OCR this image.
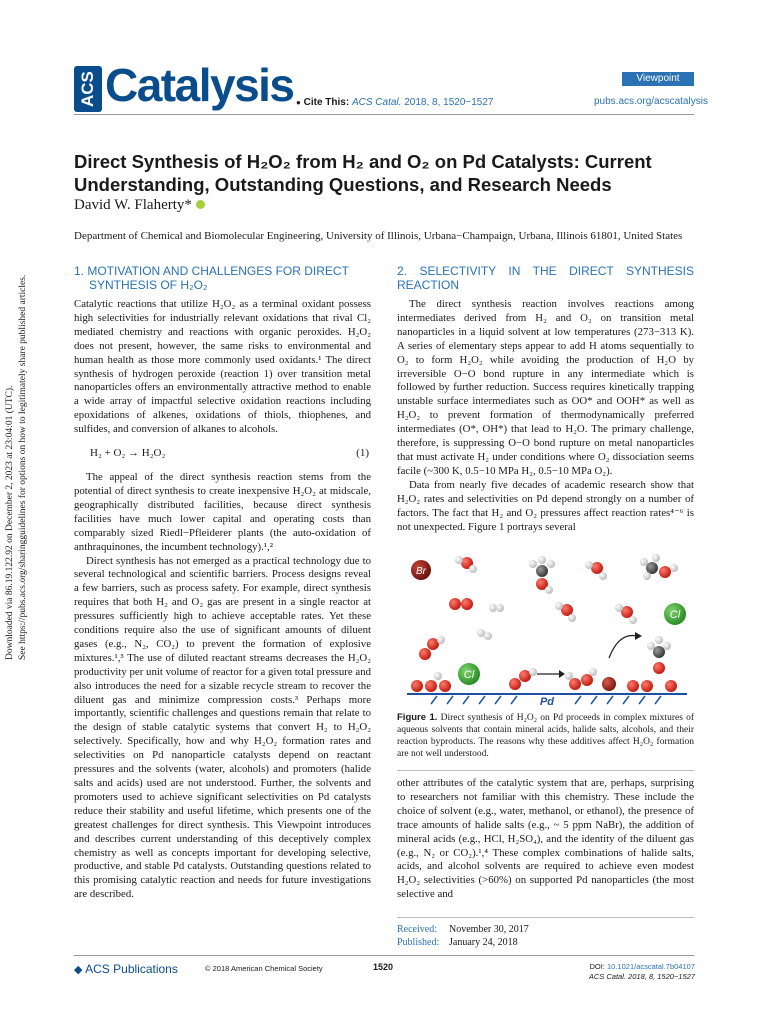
ACS Catalysis	Viewpoint
● Cite This: ACS Catal. 2018, 8, 1520−1527	pubs.acs.org/acscatalysis
Direct Synthesis of H₂O₂ from H₂ and O₂ on Pd Catalysts: Current
Understanding, Outstanding Questions, and Research Needs
David W. Flaherty*
Department of Chemical and Biomolecular Engineering, University of Illinois, Urbana−Champaign, Urbana, Illinois 61801, United States
Downloaded via 86.19.122.92 on December 2, 2023 at 23:04:01 (UTC). See https://pubs.acs.org/sharingguidelines for options on how to legitimately share published articles.
1. MOTIVATION AND CHALLENGES FOR DIRECT
SYNTHESIS OF H₂O₂

Catalytic reactions that utilize H₂O₂ as a terminal oxidant possess high selectivities for industrially relevant oxidations that rival Cl₂ mediated chemistry and reactions with organic peroxides. H₂O₂ does not present, however, the same risks to environmental and human health as those more commonly used oxidants.¹ The direct synthesis of hydrogen peroxide (reaction 1) over transition metal nanoparticles offers an environmentally attractive method to enable a wide array of impactful selective oxidation reactions including epoxidations of alkenes, oxidations of thiols, thiophenes, and sulfides, and conversion of alkanes to alcohols.

H₂ + O₂ → H₂O₂	(1)

The appeal of the direct synthesis reaction stems from the potential of direct synthesis to create inexpensive H₂O₂ at midscale, geographically distributed facilities, because direct synthesis facilities have much lower capital and operating costs than comparably sized Riedl−Pfleiderer plants (the auto-oxidation of anthraquinones, the incumbent technology).¹,²

Direct synthesis has not emerged as a practical technology due to several technological and scientific barriers. Process designs reveal a few barriers, such as process safety. For example, direct synthesis requires that both H₂ and O₂ gas are present in a single reactor at pressures sufficiently high to achieve acceptable rates. Yet these conditions require also the use of significant amounts of diluent gases (e.g., N₂, CO₂) to prevent the formation of explosive mixtures.¹,³ The use of diluted reactant streams decreases the H₂O₂ productivity per unit volume of reactor for a given total pressure and also introduces the need for a sizable recycle stream to recover the diluent gas and minimize compression costs.³ Perhaps more importantly, scientific challenges and questions remain that relate to the design of stable catalytic systems that convert H₂ to H₂O₂ selectively. Specifically, how and why H₂O₂ formation rates and selectivities on Pd nanoparticle catalysts depend on reactant pressures and the solvents (water, alcohols) and promoters (halide salts and acids) used are not understood. Further, the solvents and promoters used to achieve significant selectivities on Pd catalysts reduce their stability and useful lifetime, which presents one of the greatest challenges for direct synthesis. This Viewpoint introduces and describes current understanding of this deceptively complex chemistry as well as concepts important for developing selective, productive, and stable Pd catalysts. Outstanding questions related to this promising catalytic reaction and needs for future investigations are described.

2. SELECTIVITY IN THE DIRECT SYNTHESIS REACTION

The direct synthesis reaction involves reactions among intermediates derived from H₂ and O₂ on transition metal nanoparticles in a liquid solvent at low temperatures (273−313 K). A series of elementary steps appear to add H atoms sequentially to O₂ to form H₂O₂ while avoiding the production of H₂O by irreversible O−O bond rupture in any intermediate which is followed by further reduction. Success requires kinetically trapping unstable surface intermediates such as OO* and OOH* as well as H₂O₂ to prevent formation of thermodynamically preferred intermediates (O*, OH*) that lead to H₂O. The primary challenge, therefore, is suppressing O−O bond rupture on metal nanoparticles that must activate H₂ under conditions where O₂ dissociation seems facile (~300 K, 0.5−10 MPa H₂, 0.5−10 MPa O₂).

Data from nearly five decades of academic research show that H₂O₂ rates and selectivities on Pd depend strongly on a number of factors. The fact that H₂ and O₂ pressures affect reaction rates⁴⁻⁶ is not unexpected. Figure 1 portrays several

Br
Cl
Cl
Pd
Figure 1. Direct synthesis of H₂O₂ on Pd proceeds in complex mixtures of aqueous solvents that contain mineral acids, halide salts, alcohols, and their reaction byproducts. The reasons why these additives affect H₂O₂ formation are not well understood.

other attributes of the catalytic system that are, perhaps, surprising to researchers not familiar with this chemistry. These include the choice of solvent (e.g., water, methanol, or ethanol), the presence of trace amounts of halide salts (e.g., ~ 5 ppm NaBr), the addition of mineral acids (e.g., HCl, H₂SO₄), and the identity of the diluent gas (e.g., N₂ or CO₂).¹,⁴ These complex combinations of halide salts, acids, and alcohol solvents are required to achieve even modest H₂O₂ selectivities (>60%) on supported Pd nanoparticles (the most selective and

Received: November 30, 2017
Published: January 24, 2018
◆ ACS Publications	© 2018 American Chemical Society	1520	DOI: 10.1021/acscatal.7b04107
ACS Catal. 2018, 8, 1520−1527
